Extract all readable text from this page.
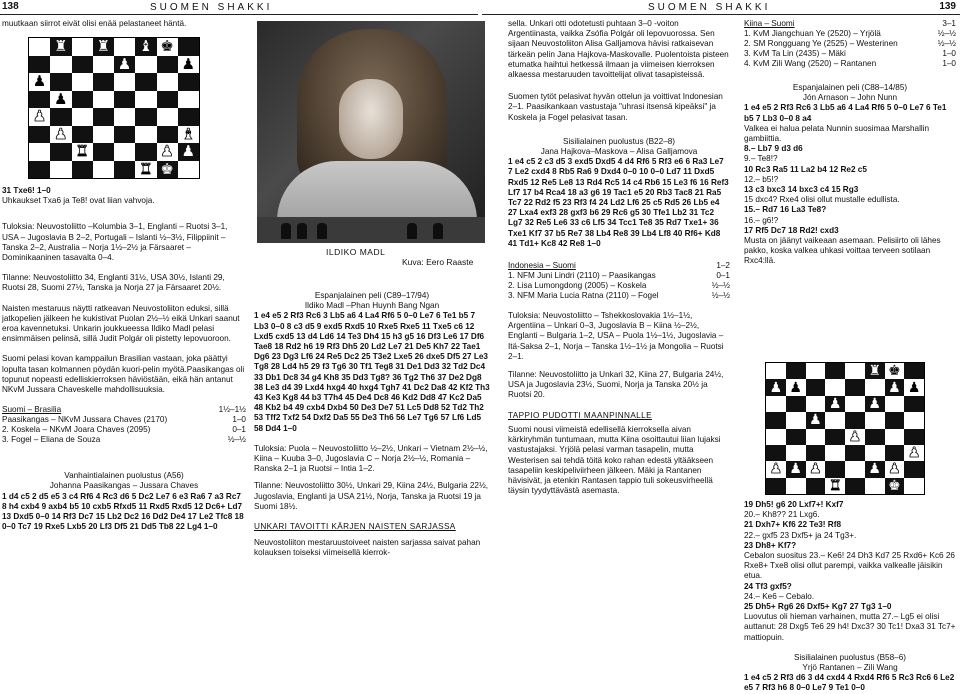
138	SUOMEN SHAKKI	SUOMEN SHAKKI	139
muutkaan siirrot eivät olisi enää pelastaneet häntä.
♜ ♜ ♝ ♚
♟	♟
♟
♟
♟
♟	♝
♜	♟ ♟
♜ ♚
31 Txe6! 1–0

Uhkaukset Txa6 ja Te8! ovat liian vahvoja.

Tuloksia: Neuvostoliitto –Kolumbia 3–1, Englanti – Ruotsi 3–1, USA – Jugoslavia B 2–2, Portugali – Islanti ½–3½, Filippiinit – Tanska 2–2, Australia – Norja 1½–2½ ja Färsaaret – Dominikaaninen tasavalta 0–4.

Tilanne: Neuvostoliitto 34, Englanti 31½, USA 30½, Islanti 29, Ruotsi 28, Suomi 27½, Tanska ja Norja 27 ja Färsaaret 20½.

Naisten mestaruus näytti ratkeavan Neuvostoliiton eduksi, sillä jatkopelien jälkeen he kukistivat Puolan 2½–½ eikä Unkari saanut eroa kavennetuksi. Unkarin joukkueessa Ildiko Madl pelasi ensimmäisen pelinsä, sillä Judit Polgár oli pistetty lepovuoroon.

Suomi pelasi kovan kamppailun Brasilian vastaan, joka päättyi lopulta tasan kolmannen pöydän kuori-pelin myötä.Paasikangas oli topunut nopeasti edelliskierroksen häviöstään, eikä hän antanut NKvM Jussara Chaveskelle mahdollisuuksia.

Suomi – Brasilia	1½–1½
Paasikangas – NKvM Jussara Chaves (2170)	1–0
2. Koskela – NKvM Joara Chaves (2095)	0–1
3. Fogel – Eliana de Souza	½–½
Vanhaintialainen puolustus (A56)
Johanna Paasikangas – Jussara Chaves
1 d4 c5 2 d5 e5 3 c4 Rf6 4 Rc3 d6 5 Dc2 Le7 6 e3 Ra6 7 a3 Rc7 8 h4 cxb4 9 axb4 b5 10 cxb5 Rfxd5 11 Rxd5 Rxd5 12 Dc6+ Ld7 13 Dxd5 0–0 14 Rf3 Dc7 15 Lb2 Dc2 16 Dd2 De4 17 Le2 Tfc8 18 0–0 Tc7 19 Rxe5 Lxb5 20 Lf3 Df5 21 Dd5 Tb8 22 Lg4 1–0
ILDIKO MADL
Kuva: Eero Raaste
Espanjalainen peli (C89–17/94)
Ildiko Madl –Phan Huynh Bang Ngan
1 e4 e5 2 Rf3 Rc6 3 Lb5 a6 4 La4 Rf6 5 0–0 Le7 6 Te1 b5 7 Lb3 0–0 8 c3 d5 9 exd5 Rxd5 10 Rxe5 Rxe5 11 Txe5 c6 12 Lxd5 cxd5 13 d4 Ld6 14 Te3 Dh4 15 h3 g5 16 Df3 Le6 17 Df6 Tae8 18 Rd2 h6 19 Rf3 Dh5 20 Ld2 Le7 21 De5 Kh7 22 Tae1 Dg6 23 Dg3 Lf6 24 Re5 Dc2 25 T3e2 Lxe5 26 dxe5 Df5 27 Le3 Tg8 28 Ld4 h5 29 f3 Tg6 30 Tf1 Teg8 31 De1 Dd3 32 Td2 Dc4 33 Db1 Dc8 34 g4 Kh8 35 Dd3 Tg8? 36 Tg2 Th6 37 De2 Dg8 38 Le3 d4 39 Lxd4 hxg4 40 hxg4 Tgh7 41 Dc2 Da8 42 Kf2 Th3 43 Ke3 Kg8 44 b3 T7h4 45 De4 Dc8 46 Kd2 Dd8 47 Kc2 Da5 48 Kb2 b4 49 cxb4 Dxb4 50 De3 De7 51 Lc5 Dd8 52 Td2 Th2 53 Tff2 Txf2 54 Dxf2 Da5 55 De3 Th6 56 Le7 Tg6 57 Lf6 Ld5 58 Dd4 1–0

Tuloksia: Puola – Neuvostoliitto ½–2½, Unkari – Vietnam 2½–½, Kiina – Kuuba 3–0, Jugoslavia C – Norja 2½–½, Romania – Ranska 2–1 ja Ruotsi – Intia 1–2.

Tilanne: Neuvostoliitto 30½, Unkari 29, Kiina 24½, Bulgaria 22½, Jugoslavia, Englanti ja USA 21½, Norja, Tanska ja Ruotsi 19 ja Suomi 18½.

UNKARI TAVOITTI KÄRJEN NAISTEN SARJASSA

Neuvostoliiton mestaruustoiveet naisten sarjassa saivat pahan kolauksen toiseksi viimeisellä kierrok-

sella. Unkari otti odotetusti puhtaan 3–0 -voiton Argentiinasta, vaikka Zsófia Polgár oli lepovuorossa. Sen sijaan Neuvostoliiton Alisa Galljamova hävisi ratkaisevan tärkeän pelin Jana Hajkova-Maskovalle. Puolentoista pisteen etumatka haihtui hetkessä ilmaan ja viimeisen kierroksen alkaessa mestaruuden tavoittelijat olivat tasapisteissä.

Suomen tytöt pelasivat hyvän ottelun ja voittivat Indonesian 2–1. Paasikankaan vastustaja "uhrasi itsensä kipeäksi" ja Koskela ja Fogel pelasivat tasan.

Sisilialainen puolustus (B22–8)
Jana Hajkova–Maskova – Alisa Galljamova
1 e4 c5 2 c3 d5 3 exd5 Dxd5 4 d4 Rf6 5 Rf3 e6 6 Ra3 Le7 7 Le2 cxd4 8 Rb5 Ra6 9 Dxd4 0–0 10 0–0 Ld7 11 Dxd5 Rxd5 12 Re5 Le8 13 Rd4 Rc5 14 c4 Rb6 15 Le3 f6 16 Ref3 Lf7 17 b4 Rca4 18 a3 g6 19 Tac1 e5 20 Rb3 Tac8 21 Ra5 Tc7 22 Rd2 f5 23 Rf3 f4 24 Ld2 Lf6 25 c5 Rd5 26 Lb5 e4 27 Lxa4 exf3 28 gxf3 b6 29 Rc6 g5 30 Tfe1 Lb2 31 Tc2 Lg7 32 Re5 Le6 33 c6 Lf5 34 Tcc1 Te8 35 Rd7 Txe1+ 36 Txe1 Kf7 37 b5 Re7 38 Lb4 Re8 39 Lb4 Lf8 40 Rf6+ Kd8 41 Td1+ Kc8 42 Re8 1–0
Indonesia – Suomi	1–2
1. NFM Juni Lindri (2110) – Paasikangas	0–1
2. Lisa Lumongdong (2005) – Koskela	½–½
3. NFM Maria Lucia Ratna (2110) – Fogel	½–½

Tuloksia: Neuvostoliitto – Tshekkoslovakia 1½–1½, Argentiina – Unkari 0–3, Jugoslavia B – Kiina ½–2½, Englanti – Bulgaria 1–2, USA – Puola 1½–1½, Jugoslavia – Itä-Saksa 2–1, Norja – Tanska 1½–1½ ja Mongolia – Ruotsi 2–1.

Tilanne: Neuvostoliitto ja Unkari 32, Kiina 27, Bulgaria 24½, USA ja Jugoslavia 23½, Suomi, Norja ja Tanska 20½ ja Ruotsi 20.

TAPPIO PUDOTTI MAANPINNALLE

Suomi nousi viimeistä edellisellä kierroksella aivan kärkiryhmän tuntumaan, mutta Kiina osoittautui liian lujaksi vastustajaksi. Yrjölä pelasi varman tasapelin, mutta Westerisen sai tehdä töitä koko rahan edestä yltääkseen tasapeliin keskipeliviirheen jälkeen. Mäki ja Rantanen hävisivät, ja etenkin Rantasen tappio tuli sokeusvirheellä täysin tyydyttävästä asemasta.

Kiina – Suomi	3–1
1. KvM Jiangchuan Ye (2520) – Yrjölä	½–½
2. SM Rongguang Ye (2525) – Westerinen	½–½
3. KvM Ta Lin (2435) – Mäki	1–0
4. KvM Zili Wang (2520) – Rantanen	1–0
Espanjalainen peli (C88–14/85)
Jón Arnason – John Nunn
1 e4 e5 2 Rf3 Rc6 3 Lb5 a6 4 La4 Rf6 5 0–0 Le7 6 Te1 b5 7 Lb3 0–0 8 a4
Valkea ei halua pelata Nunnin suosimaa Marshallin gambiittia.
8.– Lb7 9 d3 d6
9.– Te8!?
10 Rc3 Ra5 11 La2 b4 12 Re2 c5
12.– b5!?
13 c3 bxc3 14 bxc3 c4 15 Rg3
15 dxc4? Rxe4 olisi ollut mustalle edullista.
15.– Rd7 16 La3 Te8?
16.– g6!?
17 Rf5 Dc7 18 Rd2! cxd3
Musta on jäänyt vaikeaan asemaan. Pelisiirto oli lähes pakko, koska valkea uhkasi voittaa terveen sotilaan Rxc4:llä.
♜ ♚
♟ ♟	♟ ♟
♟ ♟
♟
♟
♟
♟ ♟ ♟	♟ ♟
♜	♚
19 Dh5! g6 20 Lxf7+! Kxf7
20.– Kh8?? 21 Lxg6.
21 Dxh7+ Kf6 22 Te3! Rf8
22.– gxf5 23 Dxf5+ ja 24 Tg3+.
23 Dh8+ Kf7?
Cebalon suositus 23.– Ke6! 24 Dh3 Kd7 25 Rxd6+ Kc6 26 Rxe8+ Txe8 olisi ollut parempi, vaikka valkealle jäisikin etua.
24 Tf3 gxf5?
24.– Ke6 – Cebalo.
25 Dh5+ Rg6 26 Dxf5+ Kg7 27 Tg3 1–0
Luovutus oli hieman varhainen, mutta 27.– Lg5 ei olisi auttanut: 28 Dxg5 Te6 29 h4! Dxc3? 30 Tc1! Dxa3 31 Tc7+ mattiopuin.
Sisilialainen puolustus (B58–6)
Yrjö Rantanen – Zili Wang
1 e4 c5 2 Rf3 d6 3 d4 cxd4 4 Rxd4 Rf6 5 Rc3 Rc6 6 Le2 e5 7 Rf3 h6 8 0–0 Le7 9 Te1 0–0
